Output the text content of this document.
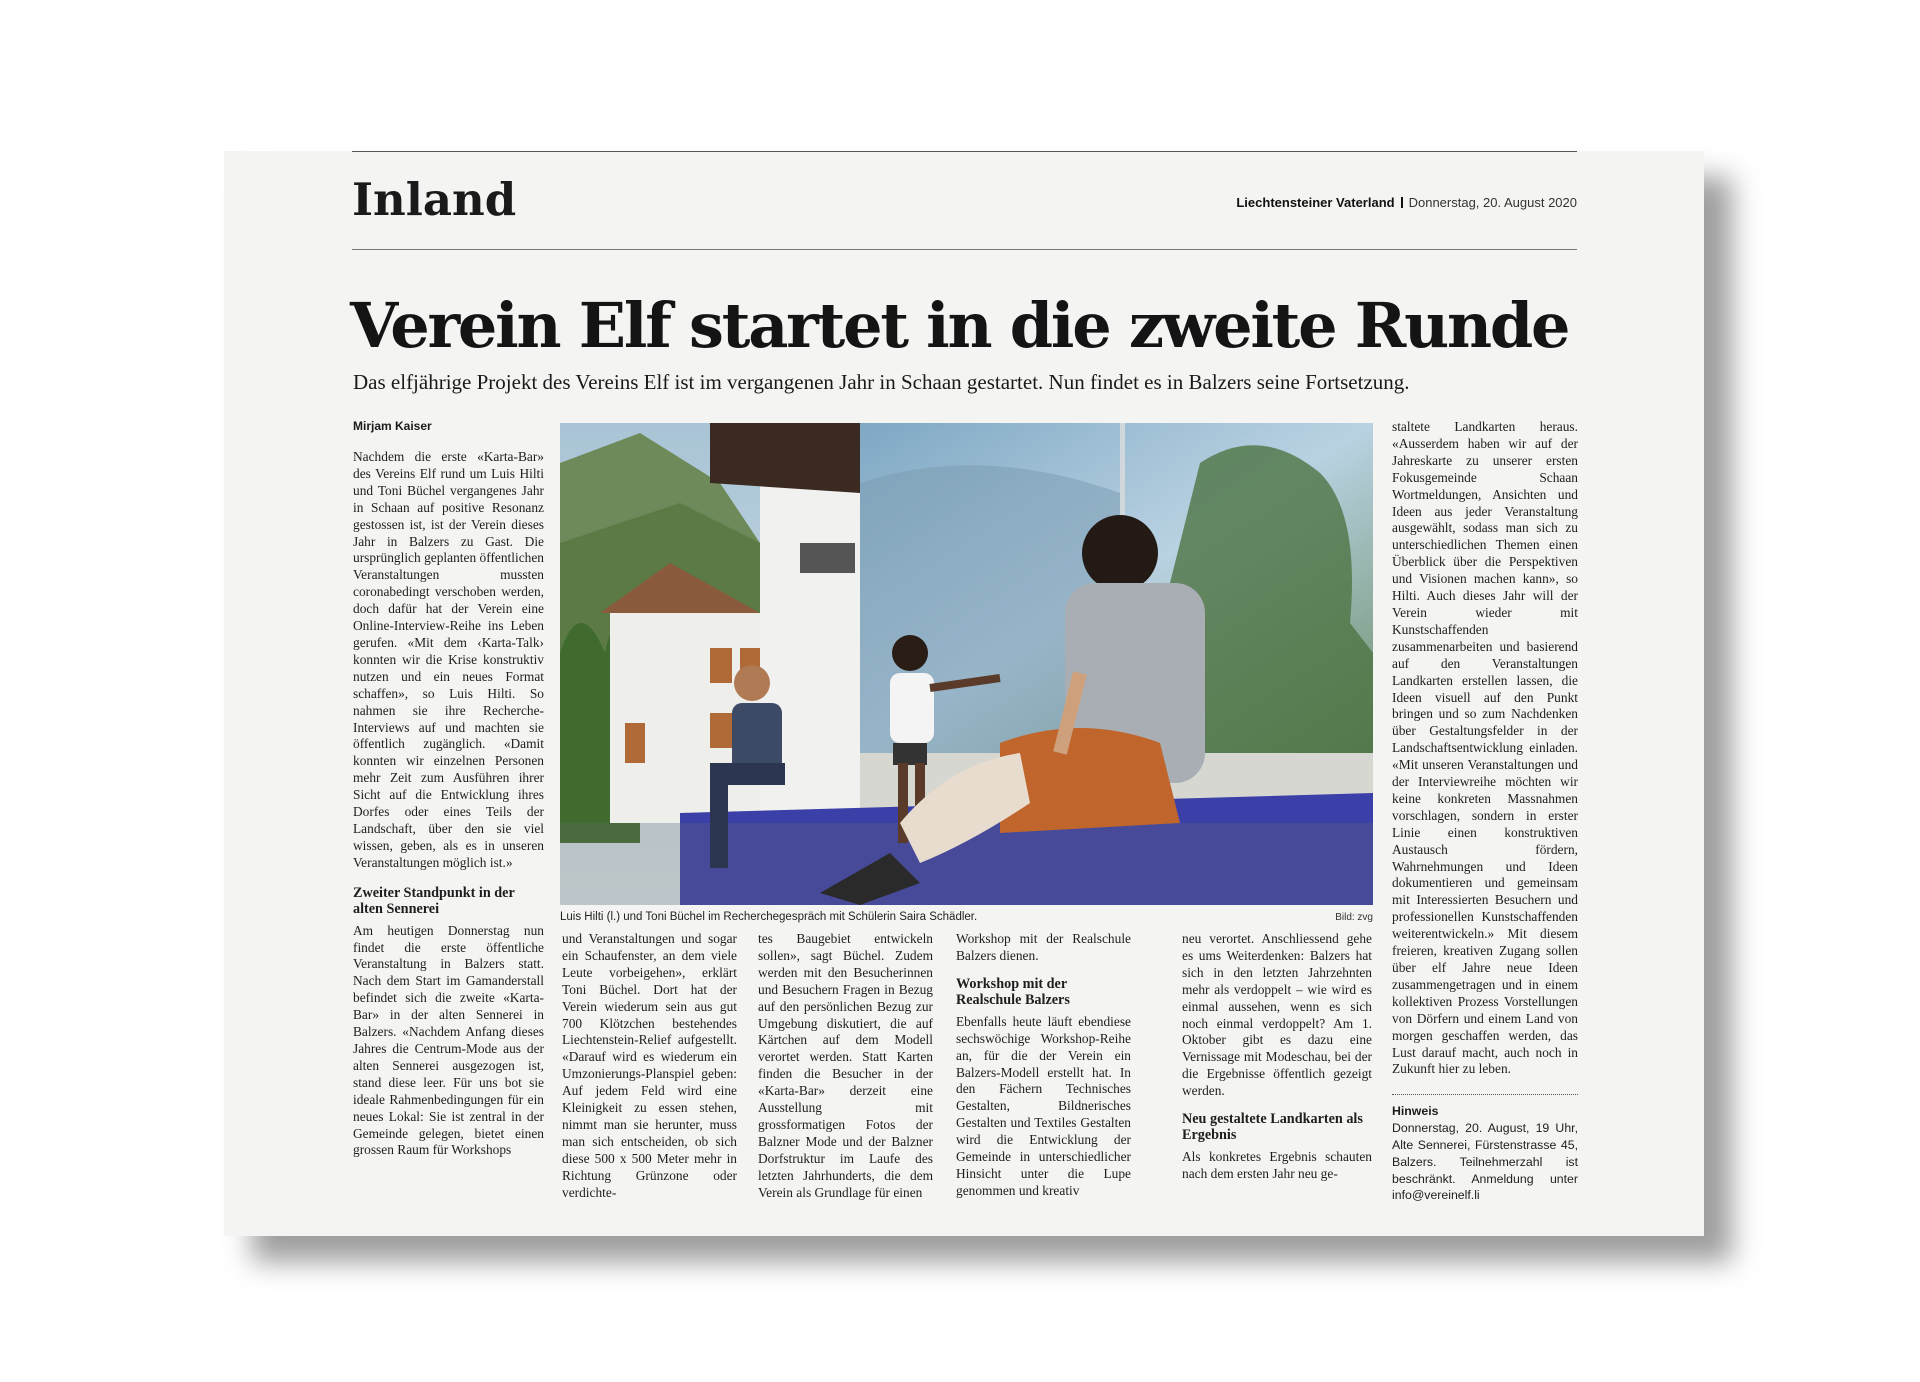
Inland	Liechtensteiner Vaterland Donnerstag, 20. August 2020
Verein Elf startet in die zweite Runde
Das elfjährige Projekt des Vereins Elf ist im vergangenen Jahr in Schaan gestartet. Nun findet es in Balzers seine Fortsetzung.
Mirjam Kaiser

Nachdem die erste «Karta-Bar» des Vereins Elf rund um Luis Hilti und Toni Büchel vergangenes Jahr in Schaan auf positive Resonanz gestossen ist, ist der Verein dieses Jahr in Balzers zu Gast. Die ursprünglich geplanten öffentlichen Veranstaltungen mussten coronabedingt verschoben werden, doch dafür hat der Verein eine Online-Interview-Reihe ins Leben gerufen. «Mit dem ‹Karta-Talk› konnten wir die Krise konstruktiv nutzen und ein neues Format schaffen», so Luis Hilti. So nahmen sie ihre Recherche-Interviews auf und machten sie öffentlich zugänglich. «Damit konnten wir einzelnen Personen mehr Zeit zum Ausführen ihrer Sicht auf die Entwicklung ihres Dorfes oder eines Teils der Landschaft, über den sie viel wissen, geben, als es in unseren Veranstaltungen möglich ist.»

Zweiter Standpunkt in der alten Sennerei

Am heutigen Donnerstag nun findet die erste öffentliche Veranstaltung in Balzers statt. Nach dem Start im Gamanderstall befindet sich die zweite «Karta-Bar» in der alten Sennerei in Balzers. «Nachdem Anfang dieses Jahres die Centrum-Mode aus der alten Sennerei ausgezogen ist, stand diese leer. Für uns bot sie ideale Rahmenbedingungen für ein neues Lokal: Sie ist zentral in der Gemeinde gelegen, bietet einen grossen Raum für Workshops

Luis Hilti (l.) und Toni Büchel im Recherchegespräch mit Schülerin Saira Schädler.	Bild: zvg

und Veranstaltungen und sogar ein Schaufenster, an dem viele Leute vorbeigehen», erklärt Toni Büchel. Dort hat der Verein wiederum sein aus gut 700 Klötzchen bestehendes Liechtenstein-Relief aufgestellt. «Darauf wird es wiederum ein Umzonierungs-Planspiel geben: Auf jedem Feld wird eine Kleinigkeit zu essen stehen, nimmt man sie herunter, muss man sich entscheiden, ob sich diese 500 x 500 Meter mehr in Richtung Grünzone oder verdichte-

tes Baugebiet entwickeln sollen», sagt Büchel. Zudem werden mit den Besucherinnen und Besuchern Fragen in Bezug auf den persönlichen Bezug zur Umgebung diskutiert, die auf Kärtchen auf dem Modell verortet werden. Statt Karten finden die Besucher in der «Karta-Bar» derzeit eine Ausstellung mit grossformatigen Fotos der Balzner Mode und der Balzner Dorfstruktur im Laufe des letzten Jahrhunderts, die dem Verein als Grundlage für einen

Workshop mit der Realschule Balzers dienen.

Workshop mit der Realschule Balzers

Ebenfalls heute läuft ebendiese sechswöchige Workshop-Reihe an, für die der Verein ein Balzers-Modell erstellt hat. In den Fächern Technisches Gestalten, Bildnerisches Gestalten und Textiles Gestalten wird die Entwicklung der Gemeinde in unterschiedlicher Hinsicht unter die Lupe genommen und kreativ

neu verortet. Anschliessend gehe es ums Weiterdenken: Balzers hat sich in den letzten Jahrzehnten mehr als verdoppelt – wie wird es einmal aussehen, wenn es sich noch einmal verdoppelt? Am 1. Oktober gibt es dazu eine Vernissage mit Modeschau, bei der die Ergebnisse öffentlich gezeigt werden.

Neu gestaltete Landkarten als Ergebnis

Als konkretes Ergebnis schauten nach dem ersten Jahr neu ge-

staltete Landkarten heraus. «Ausserdem haben wir auf der Jahreskarte zu unserer ersten Fokusgemeinde Schaan Wortmeldungen, Ansichten und Ideen aus jeder Veranstaltung ausgewählt, sodass man sich zu unterschiedlichen Themen einen Überblick über die Perspektiven und Visionen machen kann», so Hilti. Auch dieses Jahr will der Verein wieder mit Kunstschaffenden zusammenarbeiten und basierend auf den Veranstaltungen Landkarten erstellen lassen, die Ideen visuell auf den Punkt bringen und so zum Nachdenken über Gestaltungsfelder in der Landschaftsentwicklung einladen. «Mit unseren Veranstaltungen und der Interviewreihe möchten wir keine konkreten Massnahmen vorschlagen, sondern in erster Linie einen konstruktiven Austausch fördern, Wahrnehmungen und Ideen dokumentieren und gemeinsam mit Interessierten Besuchern und professionellen Kunstschaffenden weiterentwickeln.» Mit diesem freieren, kreativen Zugang sollen über elf Jahre neue Ideen zusammengetragen und in einem kollektiven Prozess Vorstellungen von Dörfern und einem Land von morgen geschaffen werden, das Lust darauf macht, auch noch in Zukunft hier zu leben.

Hinweis
Donnerstag, 20. August, 19 Uhr, Alte Sennerei, Fürstenstrasse 45, Balzers. Teilnehmerzahl ist beschränkt. Anmeldung unter info@vereinelf.li
